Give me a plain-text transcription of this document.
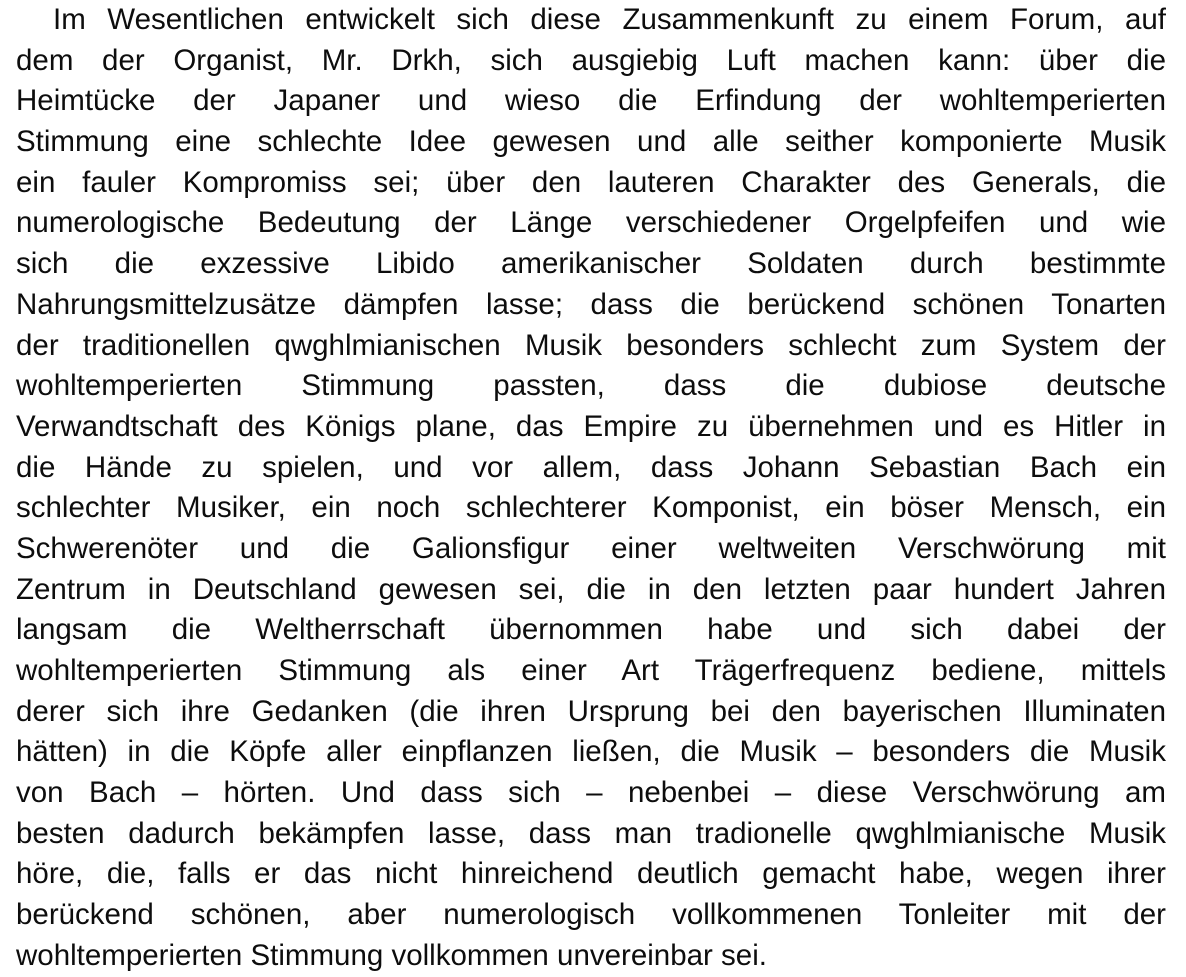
Im Wesentlichen entwickelt sich diese Zusammenkunft zu einem Forum, auf
dem der Organist, Mr. Drkh, sich ausgiebig Luft machen kann: über die
Heimtücke der Japaner und wieso die Erfindung der wohltemperierten
Stimmung eine schlechte Idee gewesen und alle seither komponierte Musik
ein fauler Kompromiss sei; über den lauteren Charakter des Generals, die
numerologische Bedeutung der Länge verschiedener Orgelpfeifen und wie
sich die exzessive Libido amerikanischer Soldaten durch bestimmte
Nahrungsmittelzusätze dämpfen lasse; dass die berückend schönen Tonarten
der traditionellen qwghlmianischen Musik besonders schlecht zum System der
wohltemperierten Stimmung passten, dass die dubiose deutsche
Verwandtschaft des Königs plane, das Empire zu übernehmen und es Hitler in
die Hände zu spielen, und vor allem, dass Johann Sebastian Bach ein
schlechter Musiker, ein noch schlechterer Komponist, ein böser Mensch, ein
Schwerenöter und die Galionsfigur einer weltweiten Verschwörung mit
Zentrum in Deutschland gewesen sei, die in den letzten paar hundert Jahren
langsam die Weltherrschaft übernommen habe und sich dabei der
wohltemperierten Stimmung als einer Art Trägerfrequenz bediene, mittels
derer sich ihre Gedanken (die ihren Ursprung bei den bayerischen Illuminaten
hätten) in die Köpfe aller einpflanzen ließen, die Musik – besonders die Musik
von Bach – hörten. Und dass sich – nebenbei – diese Verschwörung am
besten dadurch bekämpfen lasse, dass man tradionelle qwghlmianische Musik
höre, die, falls er das nicht hinreichend deutlich gemacht habe, wegen ihrer
berückend schönen, aber numerologisch vollkommenen Tonleiter mit der
wohltemperierten Stimmung vollkommen unvereinbar sei.
